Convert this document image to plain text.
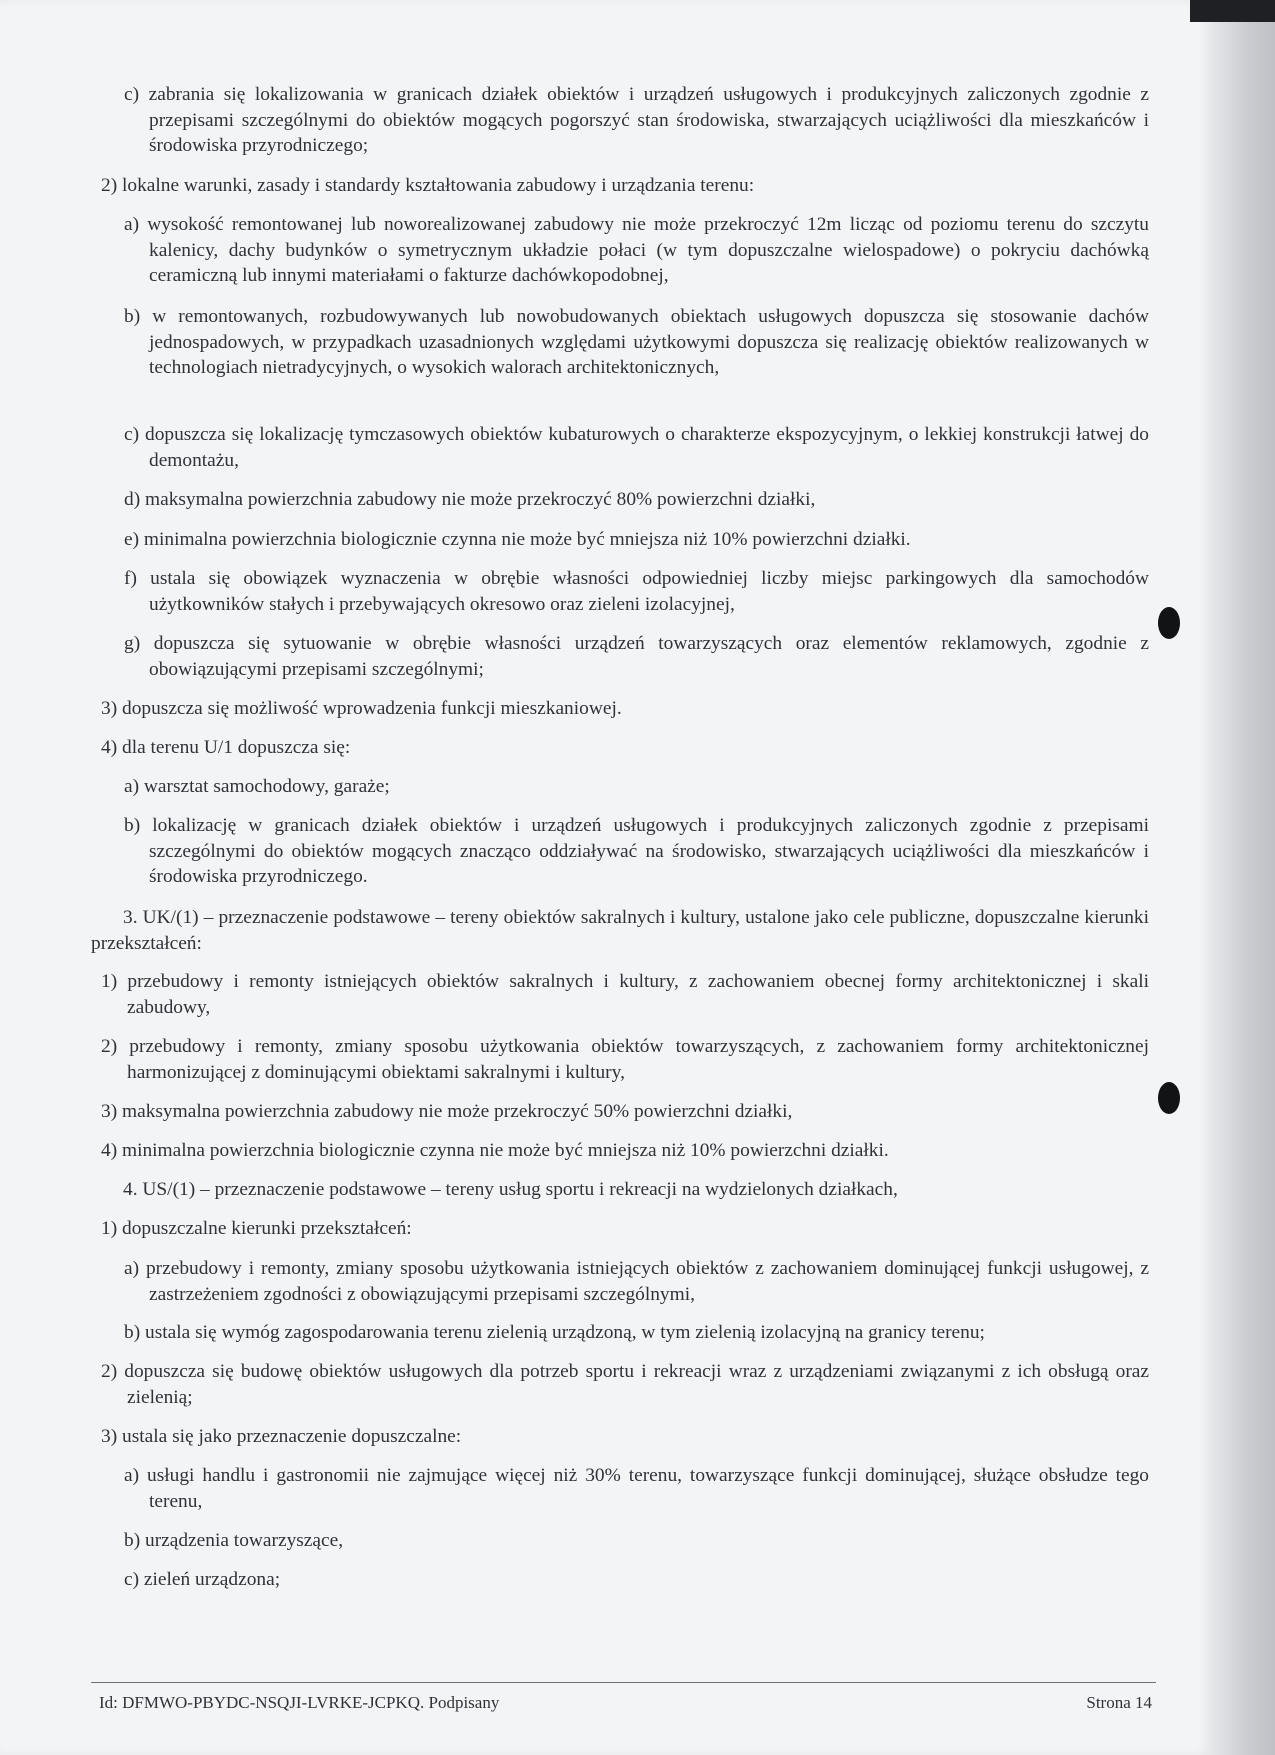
c) zabrania się lokalizowania w granicach działek obiektów i urządzeń usługowych i produkcyjnych zaliczonych zgodnie z przepisami szczególnymi do obiektów mogących pogorszyć stan środowiska, stwarzających uciążliwości dla mieszkańców i środowiska przyrodniczego;
2) lokalne warunki, zasady i standardy kształtowania zabudowy i urządzania terenu:
a) wysokość remontowanej lub noworealizowanej zabudowy nie może przekroczyć 12m licząc od poziomu terenu do szczytu kalenicy, dachy budynków o symetrycznym układzie połaci (w tym dopuszczalne wielospadowe) o pokryciu dachówką ceramiczną lub innymi materiałami o fakturze dachówkopodobnej,
b) w remontowanych, rozbudowywanych lub nowobudowanych obiektach usługowych dopuszcza się stosowanie dachów jednospadowych, w przypadkach uzasadnionych względami użytkowymi dopuszcza się realizację obiektów realizowanych w technologiach nietradycyjnych, o wysokich walorach architektonicznych,
c) dopuszcza się lokalizację tymczasowych obiektów kubaturowych o charakterze ekspozycyjnym, o lekkiej konstrukcji łatwej do demontażu,
d) maksymalna powierzchnia zabudowy nie może przekroczyć 80% powierzchni działki,
e) minimalna powierzchnia biologicznie czynna nie może być mniejsza niż 10% powierzchni działki.
f) ustala się obowiązek wyznaczenia w obrębie własności odpowiedniej liczby miejsc parkingowych dla samochodów użytkowników stałych i przebywających okresowo oraz zieleni izolacyjnej,
g) dopuszcza się sytuowanie w obrębie własności urządzeń towarzyszących oraz elementów reklamowych, zgodnie z obowiązującymi przepisami szczególnymi;
3) dopuszcza się możliwość wprowadzenia funkcji mieszkaniowej.
4) dla terenu U/1 dopuszcza się:
a) warsztat samochodowy, garaże;
b) lokalizację w granicach działek obiektów i urządzeń usługowych i produkcyjnych zaliczonych zgodnie z przepisami szczególnymi do obiektów mogących znacząco oddziaływać na środowisko, stwarzających uciążliwości dla mieszkańców i środowiska przyrodniczego.
3. UK/(1) – przeznaczenie podstawowe – tereny obiektów sakralnych i kultury, ustalone jako cele publiczne, dopuszczalne kierunki przekształceń:
1) przebudowy i remonty istniejących obiektów sakralnych i kultury, z zachowaniem obecnej formy architektonicznej i skali zabudowy,
2) przebudowy i remonty, zmiany sposobu użytkowania obiektów towarzyszących, z zachowaniem formy architektonicznej harmonizującej z dominującymi obiektami sakralnymi i kultury,
3) maksymalna powierzchnia zabudowy nie może przekroczyć 50% powierzchni działki,
4) minimalna powierzchnia biologicznie czynna nie może być mniejsza niż 10% powierzchni działki.
4. US/(1) – przeznaczenie podstawowe – tereny usług sportu i rekreacji na wydzielonych działkach,
1) dopuszczalne kierunki przekształceń:
a) przebudowy i remonty, zmiany sposobu użytkowania istniejących obiektów z zachowaniem dominującej funkcji usługowej, z zastrzeżeniem zgodności z obowiązującymi przepisami szczególnymi,
b) ustala się wymóg zagospodarowania terenu zielenią urządzoną, w tym zielenią izolacyjną na granicy terenu;
2) dopuszcza się budowę obiektów usługowych dla potrzeb sportu i rekreacji wraz z urządzeniami związanymi z ich obsługą oraz zielenią;
3) ustala się jako przeznaczenie dopuszczalne:
a) usługi handlu i gastronomii nie zajmujące więcej niż 30% terenu, towarzyszące funkcji dominującej, służące obsłudze tego terenu,
b) urządzenia towarzyszące,
c) zieleń urządzona;
Id: DFMWO-PBYDC-NSQJI-LVRKE-JCPKQ. Podpisany	Strona 14
